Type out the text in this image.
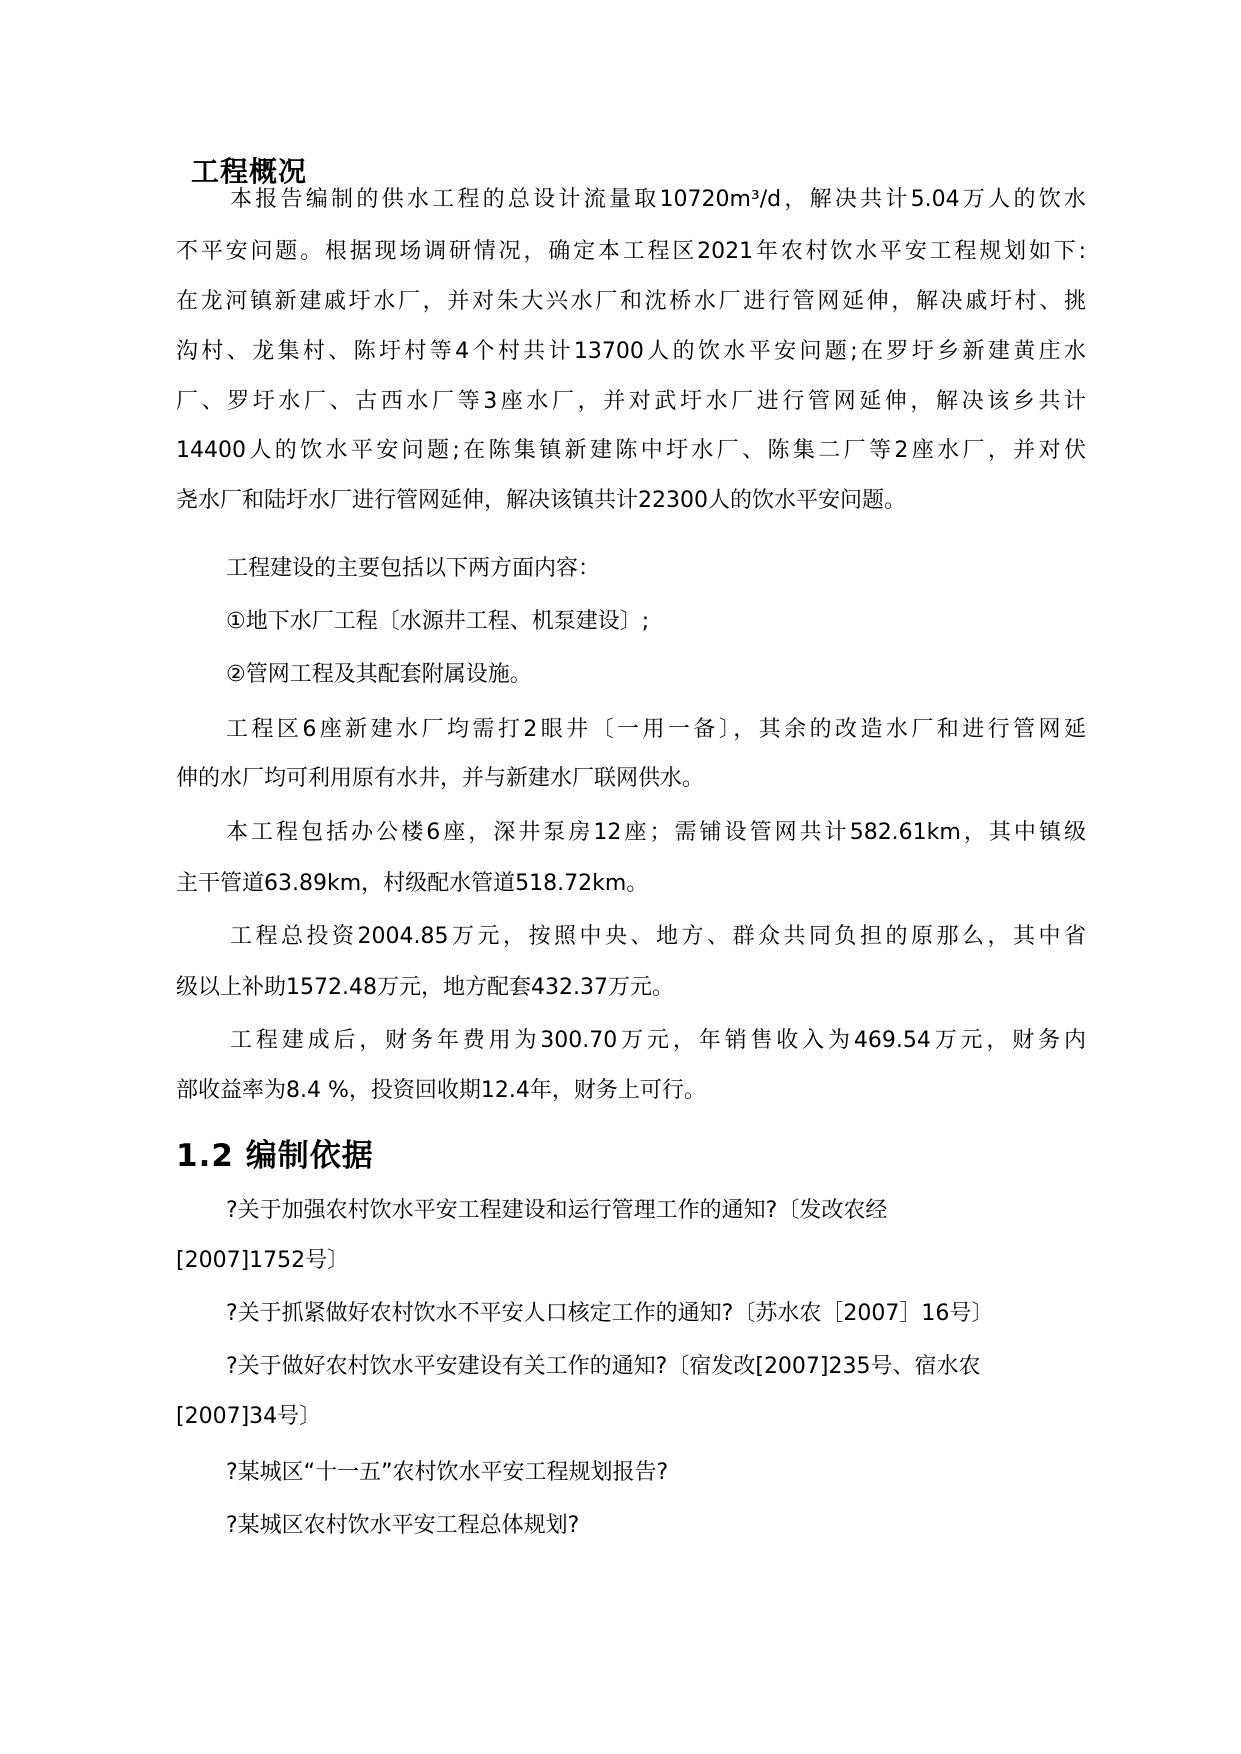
工程概况
本报告编制的供水工程的总设计流量取10720m³/d，解决共计5.04万人的饮水
不平安问题。根据现场调研情况，确定本工程区2021年农村饮水平安工程规划如下:
在龙河镇新建戚圩水厂，并对朱大兴水厂和沈桥水厂进行管网延伸，解决戚圩村、挑
沟村、龙集村、陈圩村等4个村共计13700人的饮水平安问题;在罗圩乡新建黄庄水
厂、罗圩水厂、古西水厂等3座水厂，并对武圩水厂进行管网延伸，解决该乡共计
14400人的饮水平安问题;在陈集镇新建陈中圩水厂、陈集二厂等2座水厂，并对伏
尧水厂和陆圩水厂进行管网延伸，解决该镇共计22300人的饮水平安问题。
工程建设的主要包括以下两方面内容：
①地下水厂工程〔水源井工程、机泵建设〕;
②管网工程及其配套附属设施。
工程区6座新建水厂均需打2眼井〔一用一备〕，其余的改造水厂和进行管网延
伸的水厂均可利用原有水井，并与新建水厂联网供水。
本工程包括办公楼6座，深井泵房12座；需铺设管网共计582.61km，其中镇级
主干管道63.89km，村级配水管道518.72km。
工程总投资2004.85万元，按照中央、地方、群众共同负担的原那么，其中省
级以上补助1572.48万元，地方配套432.37万元。
工程建成后，财务年费用为300.70万元，年销售收入为469.54万元，财务内
部收益率为8.4 %，投资回收期12.4年，财务上可行。
1.2 编制依据
?关于加强农村饮水平安工程建设和运行管理工作的通知?〔发改农经
[2007]1752号〕
?关于抓紧做好农村饮水不平安人口核定工作的通知?〔苏水农［2007］16号〕
?关于做好农村饮水平安建设有关工作的通知?〔宿发改[2007]235号、宿水农
[2007]34号〕
?某城区“十一五”农村饮水平安工程规划报告?
?某城区农村饮水平安工程总体规划?
